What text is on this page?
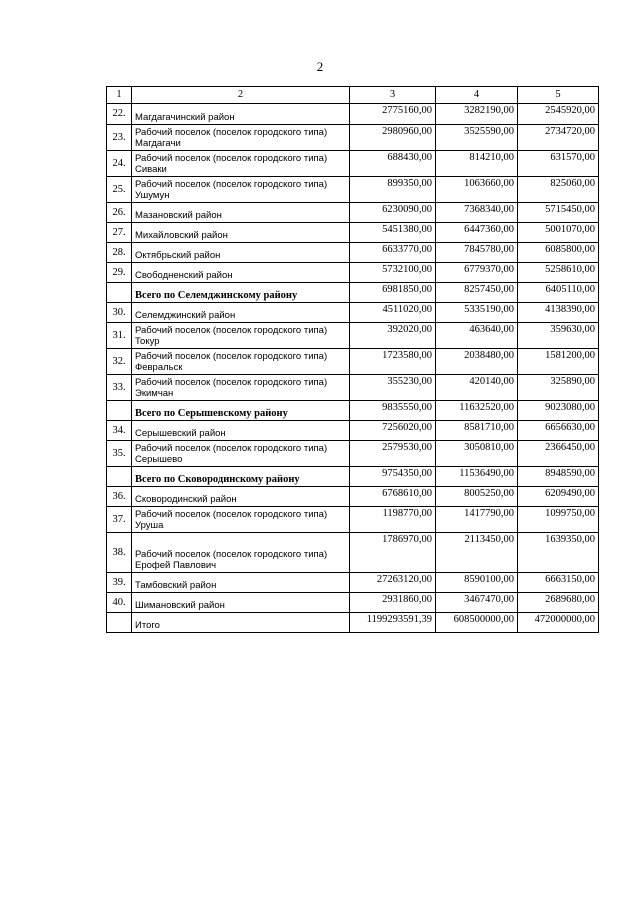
2
1	2	3	4	5
22.	Магдагачинский район	2775160,00	3282190,00	2545920,00
23.	Рабочий поселок (поселок городского типа) Магдагачи	2980960,00	3525590,00	2734720,00
24.	Рабочий поселок (поселок городского типа) Сиваки	688430,00	814210,00	631570,00
25.	Рабочий поселок (поселок городского типа) Ушумун	899350,00	1063660,00	825060,00
26.	Мазановский район	6230090,00	7368340,00	5715450,00
27.	Михайловский район	5451380,00	6447360,00	5001070,00
28.	Октябрьский район	6633770,00	7845780,00	6085800,00
29.	Свободненский район	5732100,00	6779370,00	5258610,00
	Всего по Селемджинскому району	6981850,00	8257450,00	6405110,00
30.	Селемджинский район	4511020,00	5335190,00	4138390,00
31.	Рабочий поселок (поселок городского типа) Токур	392020,00	463640,00	359630,00
32.	Рабочий поселок (поселок городского типа) Февральск	1723580,00	2038480,00	1581200,00
33.	Рабочий поселок (поселок городского типа) Экимчан	355230,00	420140,00	325890,00
	Всего по Серышевскому району	9835550,00	11632520,00	9023080,00
34.	Серышевский район	7256020,00	8581710,00	6656630,00
35.	Рабочий поселок (поселок городского типа) Серышево	2579530,00	3050810,00	2366450,00
	Всего по Сковородинскому району	9754350,00	11536490,00	8948590,00
36.	Сковородинский район	6768610,00	8005250,00	6209490,00
37.	Рабочий поселок (поселок городского типа) Уруша	1198770,00	1417790,00	1099750,00
38.	Рабочий поселок (поселок городского типа) Ерофей Павлович	1786970,00	2113450,00	1639350,00
39.	Тамбовский район	27263120,00	8590100,00	6663150,00
40.	Шимановский район	2931860,00	3467470,00	2689680,00
	Итого	1199293591,39	608500000,00	472000000,00
